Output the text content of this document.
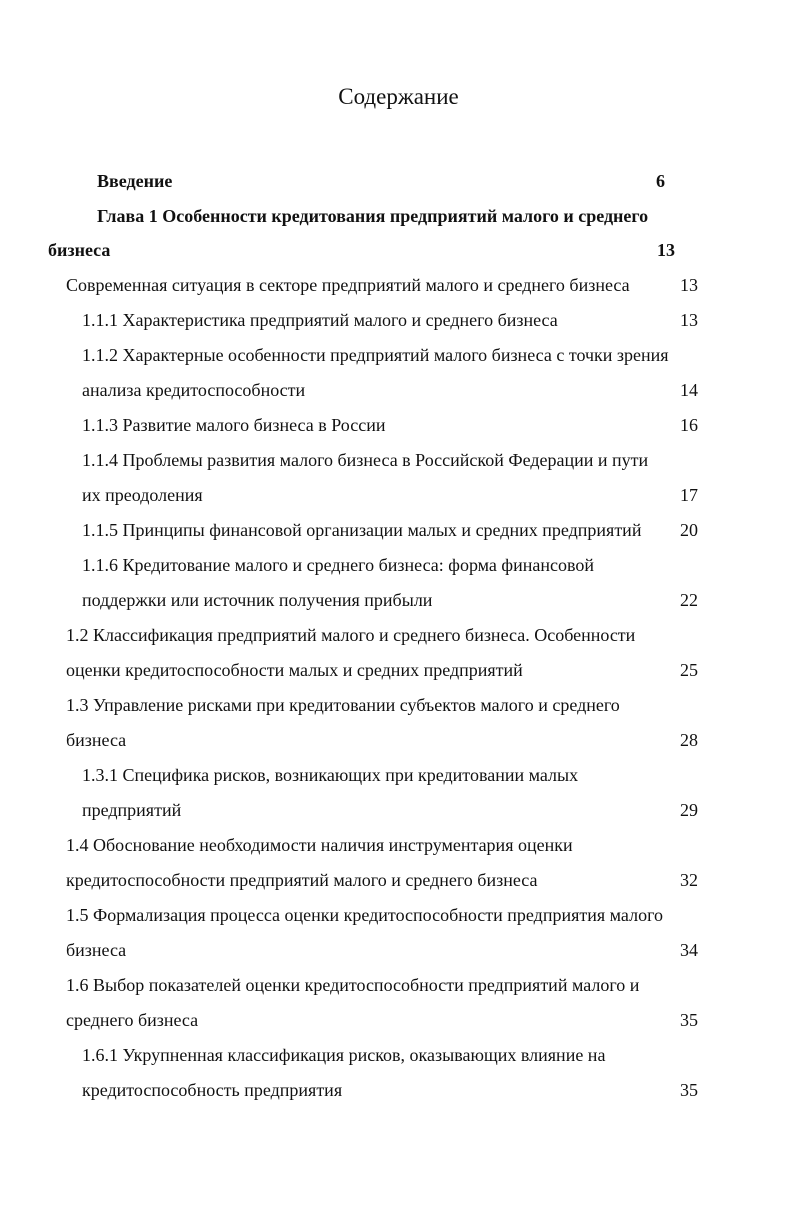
Содержание
Введение	6
Глава 1 Особенности кредитования предприятий малого и среднего
бизнеса	13
Современная ситуация в секторе предприятий малого и среднего бизнеса	13
1.1.1 Характеристика предприятий малого и среднего бизнеса	13
1.1.2 Характерные особенности предприятий малого бизнеса с точки зрения
анализа кредитоспособности	14
1.1.3 Развитие малого бизнеса в России	16
1.1.4 Проблемы развития малого бизнеса в Российской Федерации и пути
их преодоления	17
1.1.5 Принципы финансовой организации малых и средних предприятий 20
1.1.6 Кредитование малого и среднего бизнеса: форма финансовой
поддержки или источник получения прибыли	22
1.2 Классификация предприятий малого и среднего бизнеса. Особенности
оценки кредитоспособности малых и средних предприятий	25
1.3 Управление рисками при кредитовании субъектов малого и среднего
бизнеса	28
1.3.1 Специфика рисков, возникающих при кредитовании малых
предприятий	29
1.4 Обоснование необходимости наличия инструментария оценки
кредитоспособности предприятий малого и среднего бизнеса	32
1.5 Формализация процесса оценки кредитоспособности предприятия малого
бизнеса	34
1.6 Выбор показателей оценки кредитоспособности предприятий малого и
среднего бизнеса	35
1.6.1 Укрупненная классификация рисков, оказывающих влияние на
кредитоспособность предприятия	35
